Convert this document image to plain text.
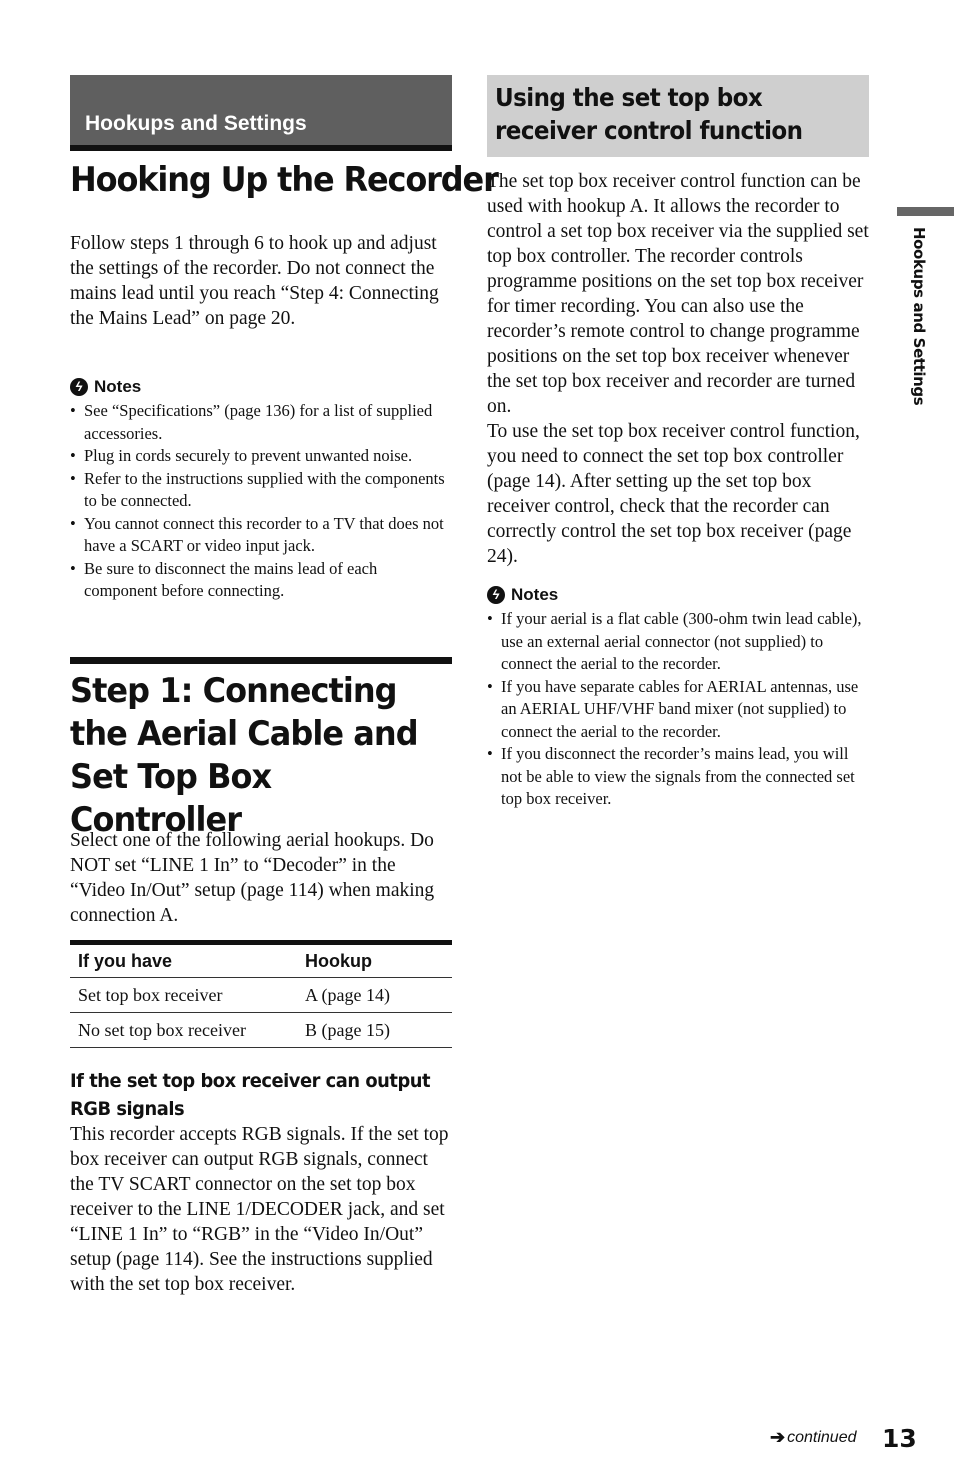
Hookups and Settings
Hooking Up the Recorder

Follow steps 1 through 6 to hook up and adjust the settings of the recorder. Do not connect the mains lead until you reach “Step 4: Connecting the Mains Lead” on page 20.

ϟ Notes
• See “Specifications” (page 136) for a list of supplied accessories.
• Plug in cords securely to prevent unwanted noise.
• Refer to the instructions supplied with the components to be connected.
• You cannot connect this recorder to a TV that does not have a SCART or video input jack.
• Be sure to disconnect the mains lead of each component before connecting.
Step 1: Connecting the Aerial Cable and Set Top Box Controller

Select one of the following aerial hookups. Do NOT set “LINE 1 In” to “Decoder” in the “Video In/Out” setup (page 114) when making connection A.

If you have	Hookup
Set top box receiver	A (page 14)
No set top box receiver	B (page 15)
If the set top box receiver can output RGB signals

This recorder accepts RGB signals. If the set top box receiver can output RGB signals, connect the TV SCART connector on the set top box receiver to the LINE 1/DECODER jack, and set “LINE 1 In” to “RGB” in the “Video In/Out” setup (page 114). See the instructions supplied with the set top box receiver.

Using the set top box receiver control function

The set top box receiver control function can be used with hookup A. It allows the recorder to control a set top box receiver via the supplied set top box controller. The recorder controls programme positions on the set top box receiver for timer recording. You can also use the recorder’s remote control to change programme positions on the set top box receiver whenever the set top box receiver and recorder are turned on.

To use the set top box receiver control function, you need to connect the set top box controller (page 14). After setting up the set top box receiver control, check that the recorder can correctly control the set top box receiver (page 24).

ϟ Notes
• If your aerial is a flat cable (300-ohm twin lead cable), use an external aerial connector (not supplied) to connect the aerial to the recorder.
• If you have separate cables for AERIAL antennas, use an AERIAL UHF/VHF band mixer (not supplied) to connect the aerial to the recorder.
• If you disconnect the recorder’s mains lead, you will not be able to view the signals from the connected set top box receiver.
Hookups and Settings
➔ continued 13
